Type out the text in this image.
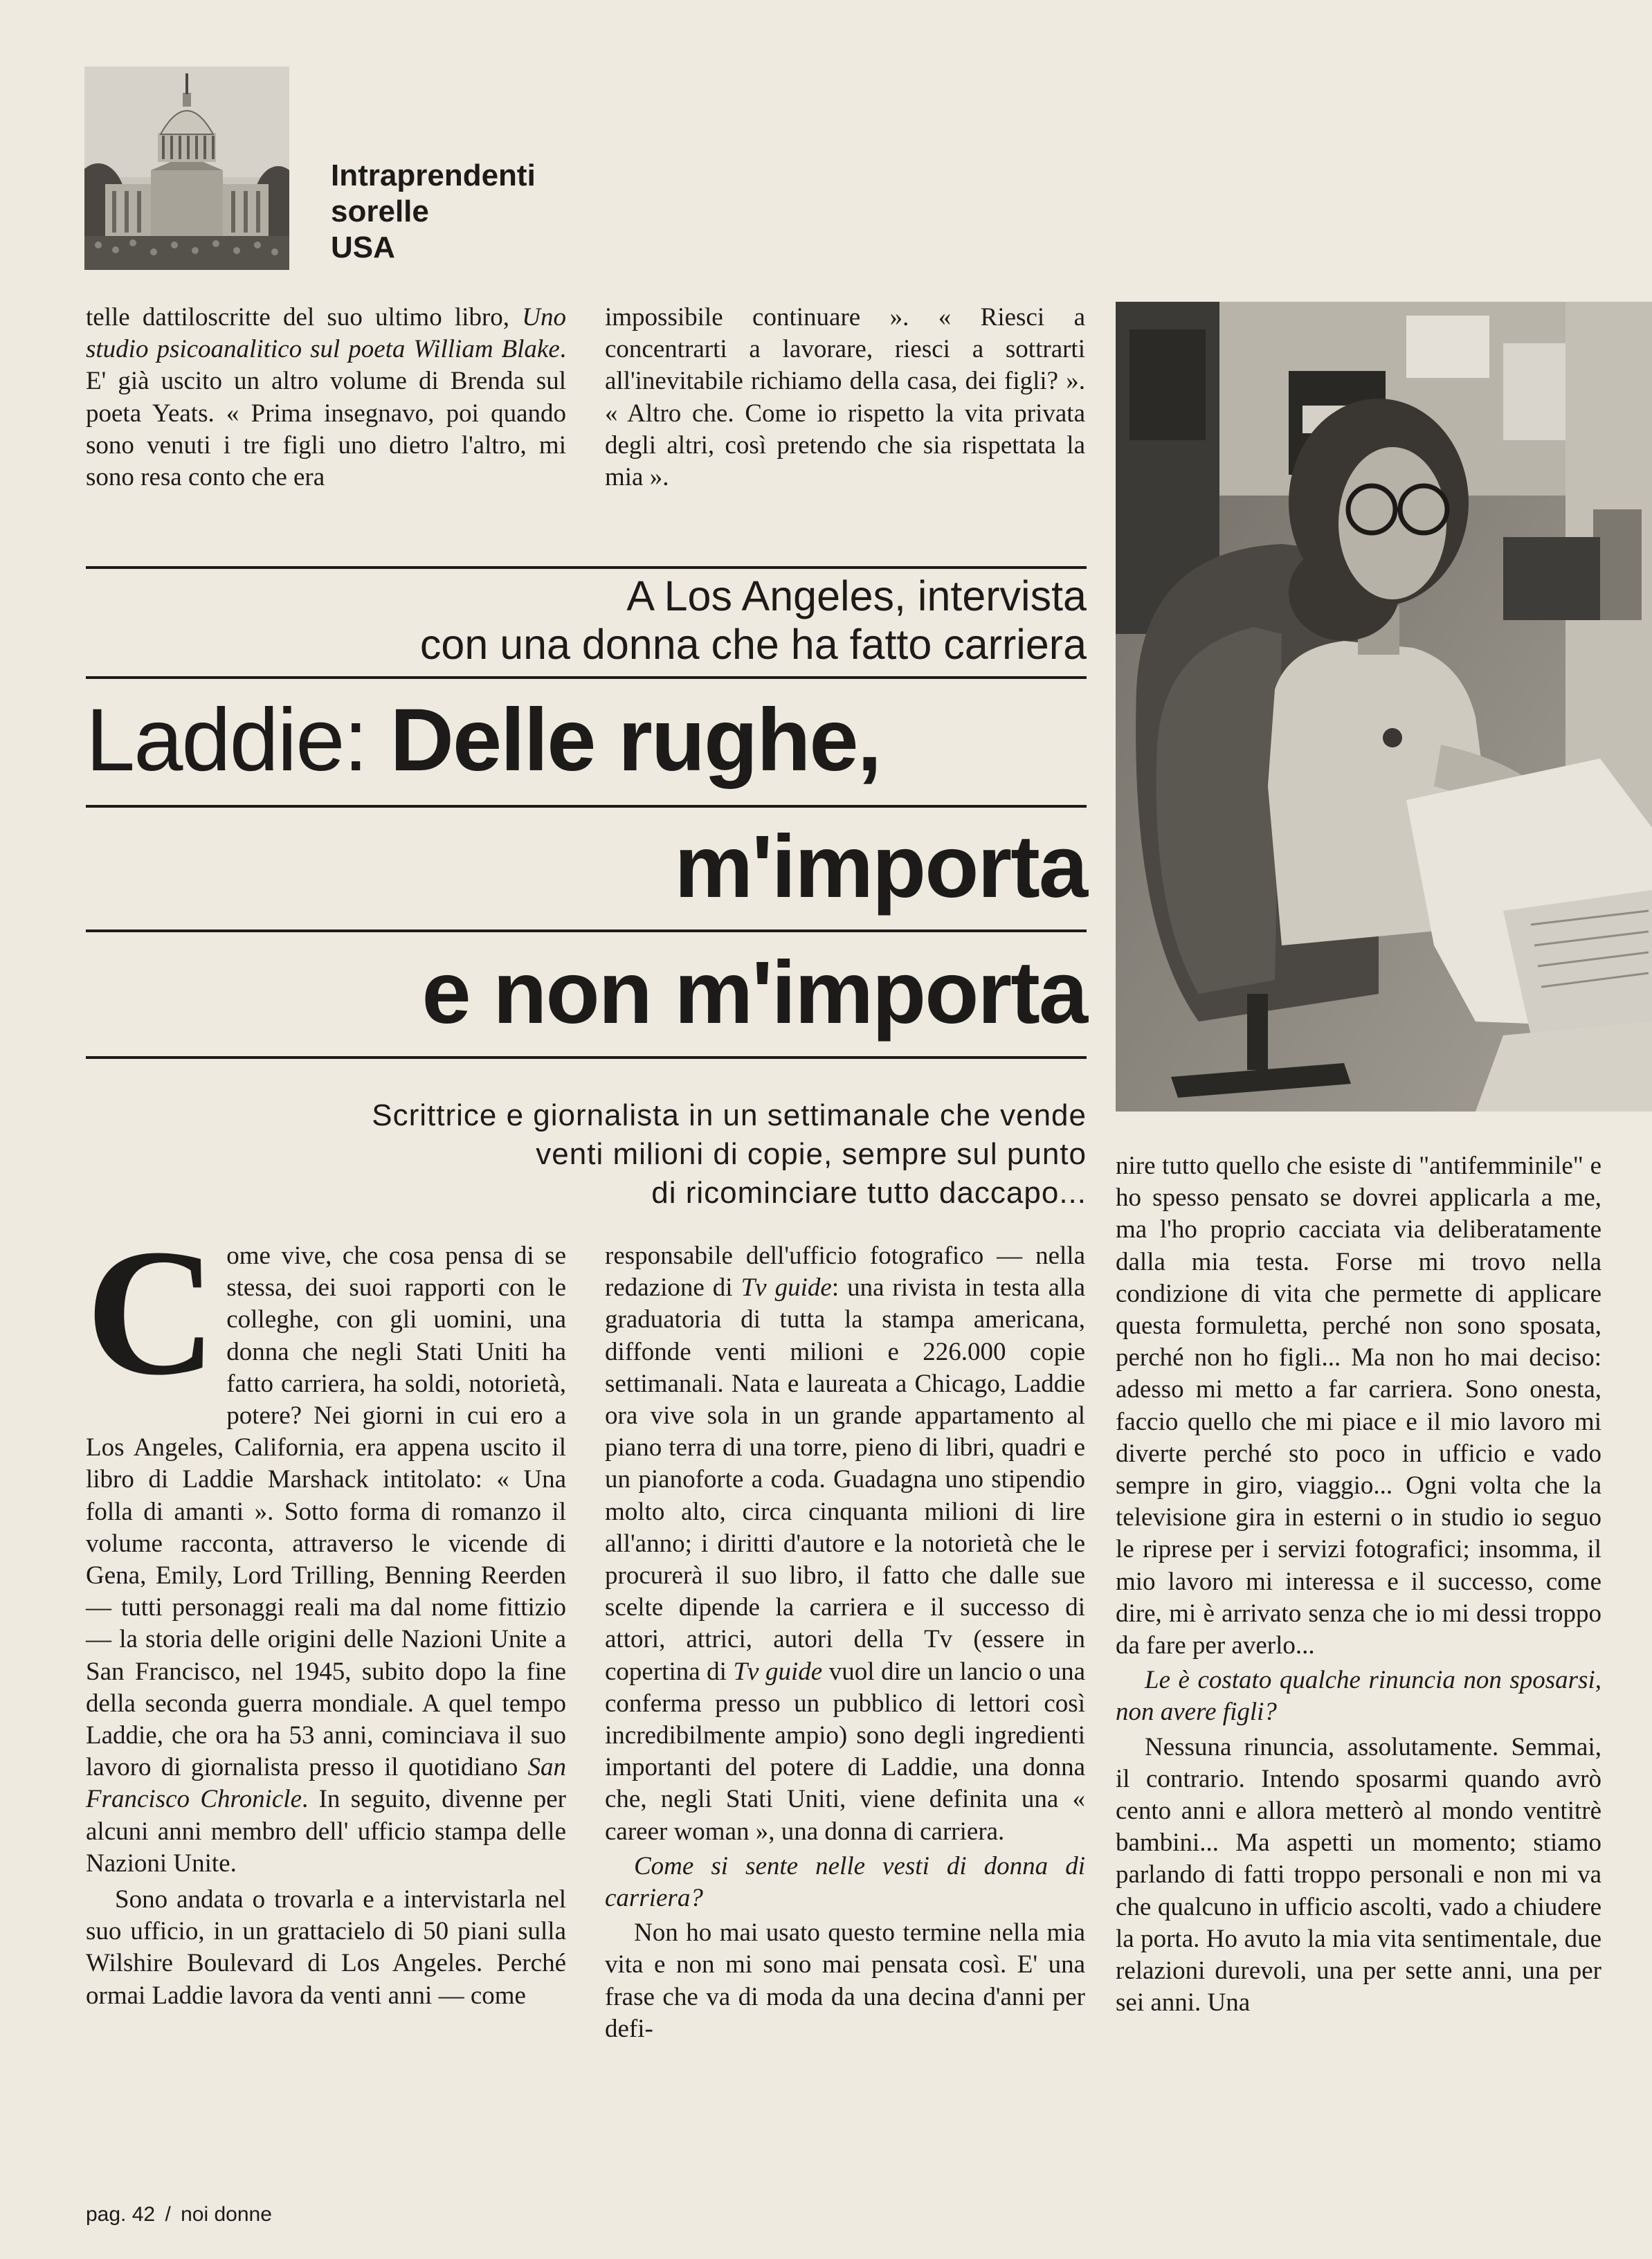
Intraprendenti
sorelle
USA
telle dattiloscritte del suo ultimo libro, Uno studio psicoanalitico sul poeta William Blake. E' già uscito un altro volume di Brenda sul poeta Yeats. « Prima insegnavo, poi quando sono venuti i tre figli uno dietro l'altro, mi sono resa conto che era
impossibile continuare ». « Riesci a concentrarti a lavorare, riesci a sottrarti all'inevitabile richiamo della casa, dei figli? ». « Altro che. Come io rispetto la vita privata degli altri, così pretendo che sia rispettata la mia ».
A Los Angeles, intervista
con una donna che ha fatto carriera
Laddie: Delle rughe,
m'importa
e non m'importa
Scrittrice e giornalista in un settimanale che vende
venti milioni di copie, sempre sul punto
di ricominciare tutto daccapo...
C ome vive, che cosa pensa di se stessa, dei suoi rapporti con le colleghe, con gli uomini, una donna che negli Stati Uniti ha fatto carriera, ha soldi, notorietà, potere? Nei giorni in cui ero a Los Angeles, California, era appena uscito il libro di Laddie Marshack intitolato: « Una folla di amanti ». Sotto forma di romanzo il volume racconta, attraverso le vicende di Gena, Emily, Lord Trilling, Benning Reerden — tutti personaggi reali ma dal nome fittizio — la storia delle origini delle Nazioni Unite a San Francisco, nel 1945, subito dopo la fine della seconda guerra mondiale. A quel tempo Laddie, che ora ha 53 anni, cominciava il suo lavoro di giornalista presso il quotidiano San Francisco Chronicle. In seguito, divenne per alcuni anni membro dell' ufficio stampa delle Nazioni Unite.

Sono andata o trovarla e a intervistarla nel suo ufficio, in un grattacielo di 50 piani sulla Wilshire Boulevard di Los Angeles. Perché ormai Laddie lavora da venti anni — come

responsabile dell'ufficio fotografico — nella redazione di Tv guide: una rivista in testa alla graduatoria di tutta la stampa americana, diffonde venti milioni e 226.000 copie settimanali. Nata e laureata a Chicago, Laddie ora vive sola in un grande appartamento al piano terra di una torre, pieno di libri, quadri e un pianoforte a coda. Guadagna uno stipendio molto alto, circa cinquanta milioni di lire all'anno; i diritti d'autore e la notorietà che le procurerà il suo libro, il fatto che dalle sue scelte dipende la carriera e il successo di attori, attrici, autori della Tv (essere in copertina di Tv guide vuol dire un lancio o una conferma presso un pubblico di lettori così incredibilmente ampio) sono degli ingredienti importanti del potere di Laddie, una donna che, negli Stati Uniti, viene definita una « career woman », una donna di carriera.

Come si sente nelle vesti di donna di carriera?

Non ho mai usato questo termine nella mia vita e non mi sono mai pensata così. E' una frase che va di moda da una decina d'anni per defi-

nire tutto quello che esiste di "antifemminile" e ho spesso pensato se dovrei applicarla a me, ma l'ho proprio cacciata via deliberatamente dalla mia testa. Forse mi trovo nella condizione di vita che permette di applicare questa formuletta, perché non sono sposata, perché non ho figli... Ma non ho mai deciso: adesso mi metto a far carriera. Sono onesta, faccio quello che mi piace e il mio lavoro mi diverte perché sto poco in ufficio e vado sempre in giro, viaggio... Ogni volta che la televisione gira in esterni o in studio io seguo le riprese per i servizi fotografici; insomma, il mio lavoro mi interessa e il successo, come dire, mi è arrivato senza che io mi dessi troppo da fare per averlo...

Le è costato qualche rinuncia non sposarsi, non avere figli?

Nessuna rinuncia, assolutamente. Semmai, il contrario. Intendo sposarmi quando avrò cento anni e allora metterò al mondo ventitrè bambini... Ma aspetti un momento; stiamo parlando di fatti troppo personali e non mi va che qualcuno in ufficio ascolti, vado a chiudere la porta. Ho avuto la mia vita sentimentale, due relazioni durevoli, una per sette anni, una per sei anni. Una

pag. 42 / noi donne
